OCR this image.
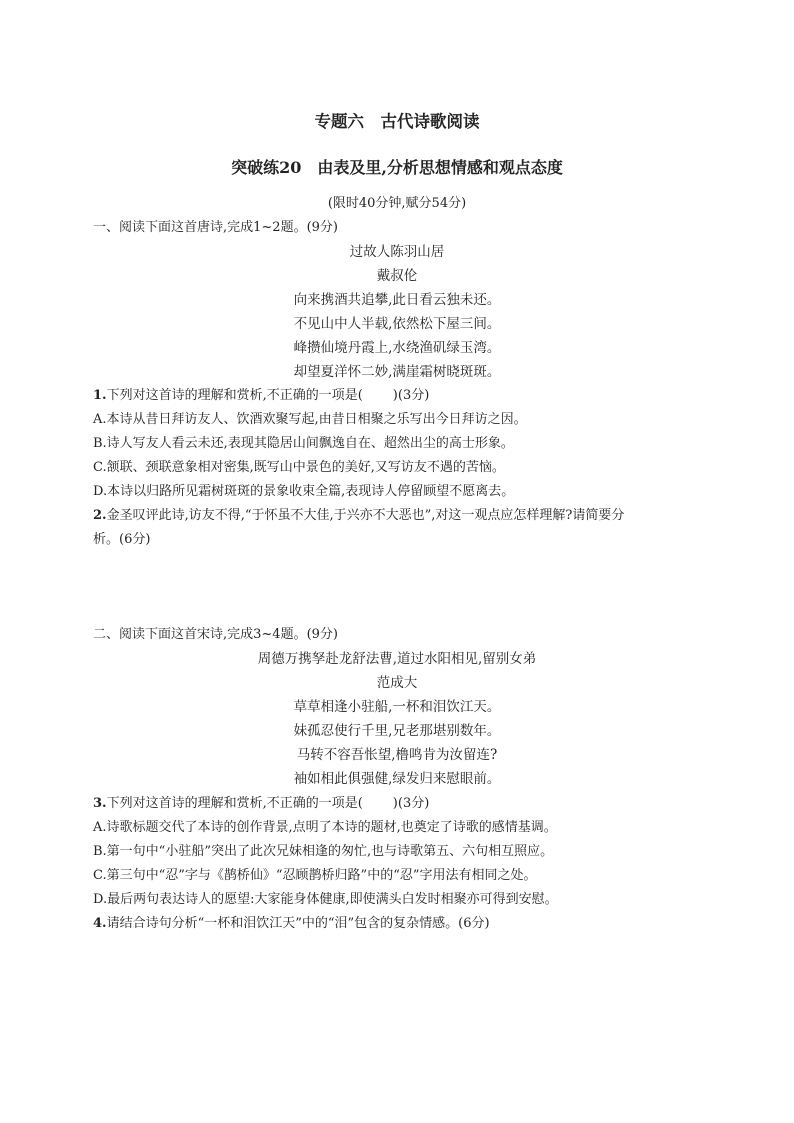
专题六　古代诗歌阅读
突破练20　由表及里,分析思想情感和观点态度
(限时40分钟,赋分54分)
一、阅读下面这首唐诗,完成1~2题。(9分)
过故人陈羽山居
戴叔伦
向来携酒共追攀,此日看云独未还。
不见山中人半载,依然松下屋三间。
峰攒仙境丹霞上,水绕渔矶绿玉湾。
却望夏洋怀二妙,满崖霜树晓斑斑。
1.下列对这首诗的理解和赏析,不正确的一项是( )(3分)
A.本诗从昔日拜访友人、饮酒欢聚写起,由昔日相聚之乐写出今日拜访之因。
B.诗人写友人看云未还,表现其隐居山间飘逸自在、超然出尘的高士形象。
C.颔联、颈联意象相对密集,既写山中景色的美好,又写访友不遇的苦恼。
D.本诗以归路所见霜树斑斑的景象收束全篇,表现诗人停留顾望不愿离去。
2.金圣叹评此诗,访友不得,“于怀虽不大佳,于兴亦不大恶也”,对这一观点应怎样理解?请简要分
析。(6分)
二、阅读下面这首宋诗,完成3~4题。(9分)
周德万携孥赴龙舒法曹,道过水阳相见,留别女弟
范成大
草草相逢小驻船,一杯和泪饮江天。
妹孤忍使行千里,兄老那堪别数年。
马转不容吾怅望,橹鸣肯为汝留连?
袖如相此俱强健,绿发归来慰眼前。
3.下列对这首诗的理解和赏析,不正确的一项是( )(3分)
A.诗歌标题交代了本诗的创作背景,点明了本诗的题材,也奠定了诗歌的感情基调。
B.第一句中“小驻船”突出了此次兄妹相逢的匆忙,也与诗歌第五、六句相互照应。
C.第三句中“忍”字与《鹊桥仙》“忍顾鹊桥归路”中的“忍”字用法有相同之处。
D.最后两句表达诗人的愿望:大家能身体健康,即使满头白发时相聚亦可得到安慰。
4.请结合诗句分析“一杯和泪饮江天”中的“泪”包含的复杂情感。(6分)
